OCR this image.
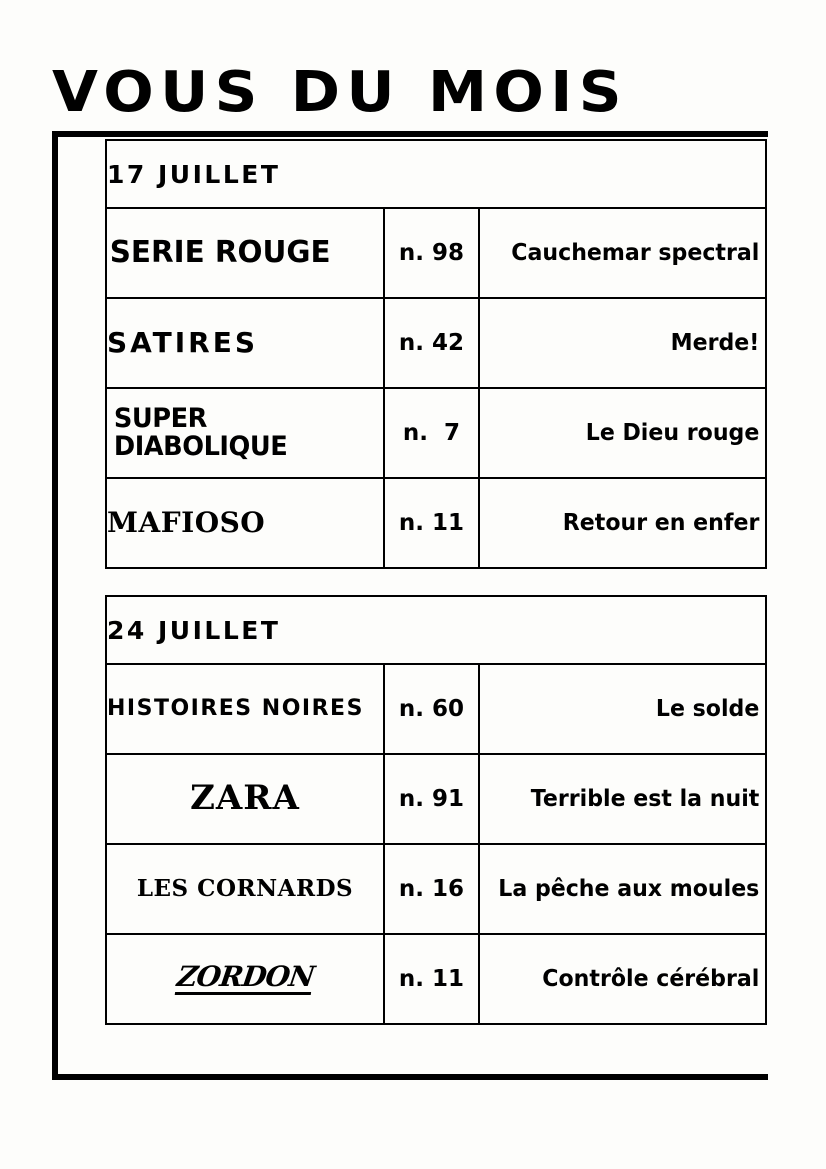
VOUS DU MOIS
17 JUILLET		
SERIE ROUGE	n. 98	Cauchemar spectral
SATIRES	n. 42	Merde!
SUPER DIABOLIQUE	n.  7	Le Dieu rouge
MAFIOSO	n. 11	Retour en enfer

24 JUILLET		
HISTOIRES NOIRES	n. 60	Le solde
ZARA	n. 91	Terrible est la nuit
LES CORNARDS	n. 16	La pêche aux moules
ZORDON	n. 11	Contrôle cérébral
